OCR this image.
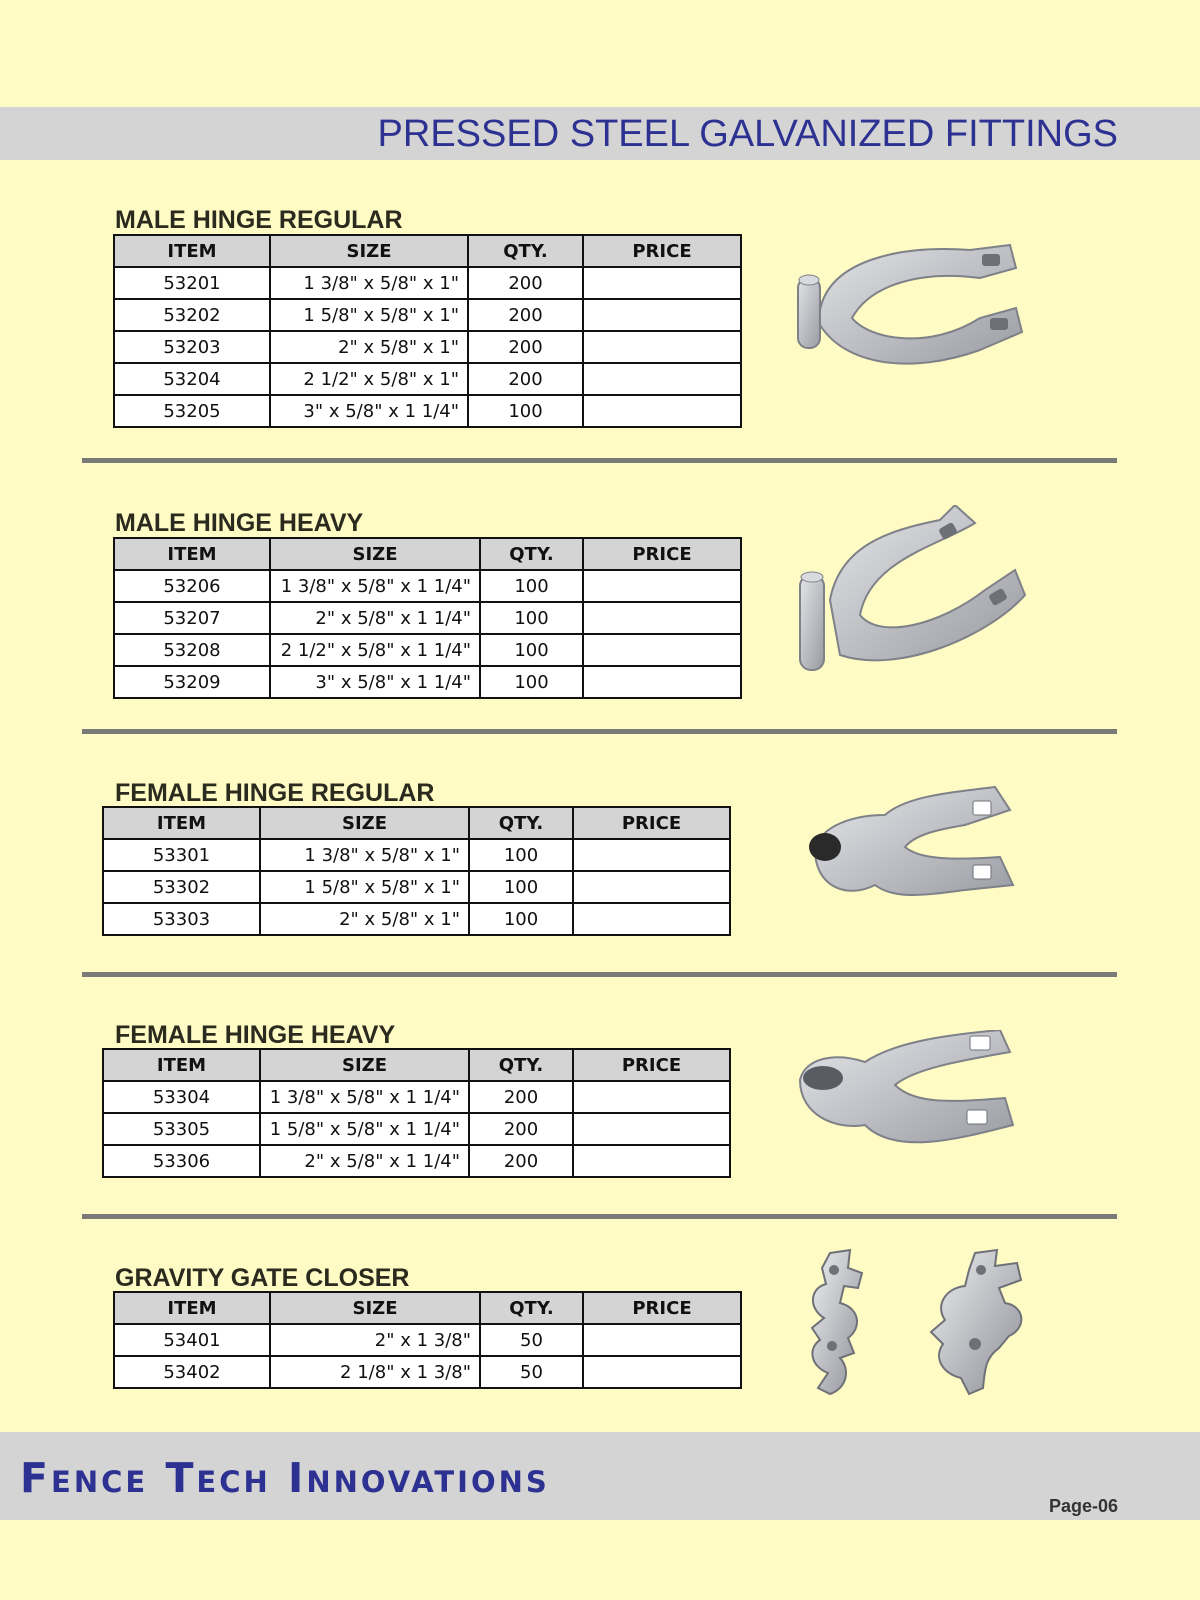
PRESSED STEEL GALVANIZED FITTINGS
MALE HINGE REGULAR
ITEM	SIZE	QTY.	PRICE
53201	1 3/8" x 5/8" x 1"	200	
53202	1 5/8" x 5/8" x 1"	200	
53203	2" x 5/8" x 1"	200	
53204	2 1/2" x 5/8" x 1"	200	
53205	3" x 5/8" x 1 1/4"	100	
MALE HINGE HEAVY
ITEM	SIZE	QTY.	PRICE
53206	1 3/8" x 5/8" x 1 1/4"	100	
53207	2" x 5/8" x 1 1/4"	100	
53208	2 1/2" x 5/8" x 1 1/4"	100	
53209	3" x 5/8" x 1 1/4"	100	
FEMALE HINGE REGULAR
ITEM	SIZE	QTY.	PRICE
53301	1 3/8" x 5/8" x 1"	100	
53302	1 5/8" x 5/8" x 1"	100	
53303	2" x 5/8" x 1"	100	
FEMALE HINGE HEAVY
ITEM	SIZE	QTY.	PRICE
53304	1 3/8" x 5/8" x 1 1/4"	200	
53305	1 5/8" x 5/8" x 1 1/4"	200	
53306	2" x 5/8" x 1 1/4"	200	
GRAVITY GATE CLOSER
ITEM	SIZE	QTY.	PRICE
53401	2" x 1 3/8"	50	
53402	2 1/8" x 1 3/8"	50	
Fence Tech Innovations
Page-06
